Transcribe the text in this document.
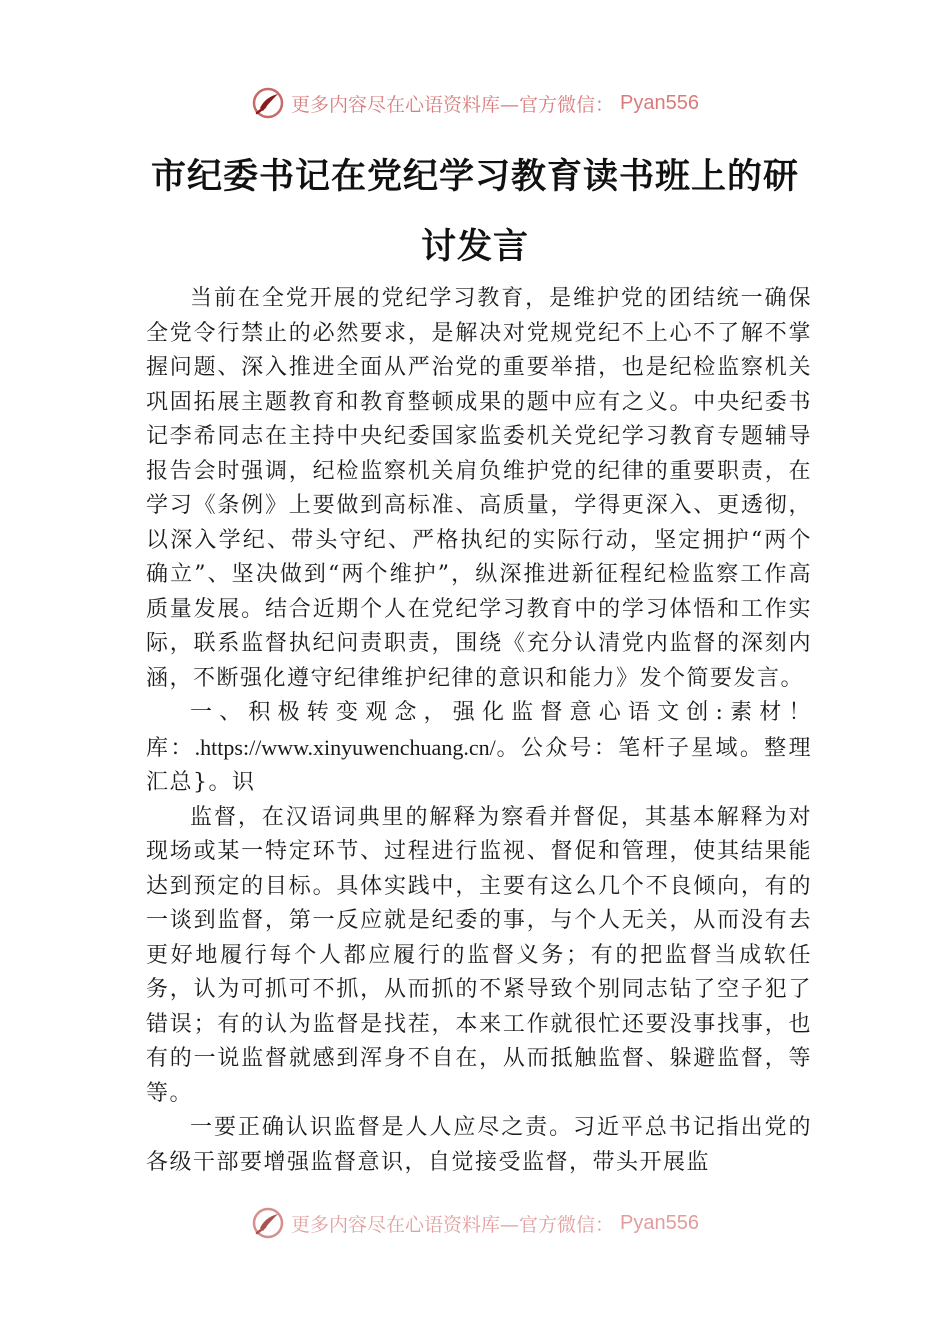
更多内容尽在心语资料库—官方微信： Pyan556
市纪委书记在党纪学习教育读书班上的研
讨发言

当前在全党开展的党纪学习教育，是维护党的团结统一确保全党令行禁止的必然要求，是解决对党规党纪不上心不了解不掌握问题、深入推进全面从严治党的重要举措，也是纪检监察机关巩固拓展主题教育和教育整顿成果的题中应有之义。中央纪委书记李希同志在主持中央纪委国家监委机关党纪学习教育专题辅导报告会时强调，纪检监察机关肩负维护党的纪律的重要职责，在学习《条例》上要做到高标准、高质量，学得更深入、更透彻，以深入学纪、带头守纪、严格执纪的实际行动，坚定拥护“两个确立”、坚决做到“两个维护”，纵深推进新征程纪检监察工作高质量发展。结合近期个人在党纪学习教育中的学习体悟和工作实际，联系监督执纪问责职责，围绕《充分认清党内监督的深刻内涵，不断强化遵守纪律维护纪律的意识和能力》发个简要发言。

一、积极转变观念，强化监督意心语文创:素材！库：.https://www.xinyuwenchuang.cn/。公众号：笔杆子星域。整理汇总}。识

监督，在汉语词典里的解释为察看并督促，其基本解释为对现场或某一特定环节、过程进行监视、督促和管理，使其结果能达到预定的目标。具体实践中，主要有这么几个不良倾向，有的一谈到监督，第一反应就是纪委的事，与个人无关，从而没有去更好地履行每个人都应履行的监督义务；有的把监督当成软任务，认为可抓可不抓，从而抓的不紧导致个别同志钻了空子犯了错误；有的认为监督是找茬，本来工作就很忙还要没事找事，也有的一说监督就感到浑身不自在，从而抵触监督、躲避监督，等等。

一要正确认识监督是人人应尽之责。习近平总书记指出党的各级干部要增强监督意识，自觉接受监督，带头开展监

更多内容尽在心语资料库—官方微信： Pyan556
